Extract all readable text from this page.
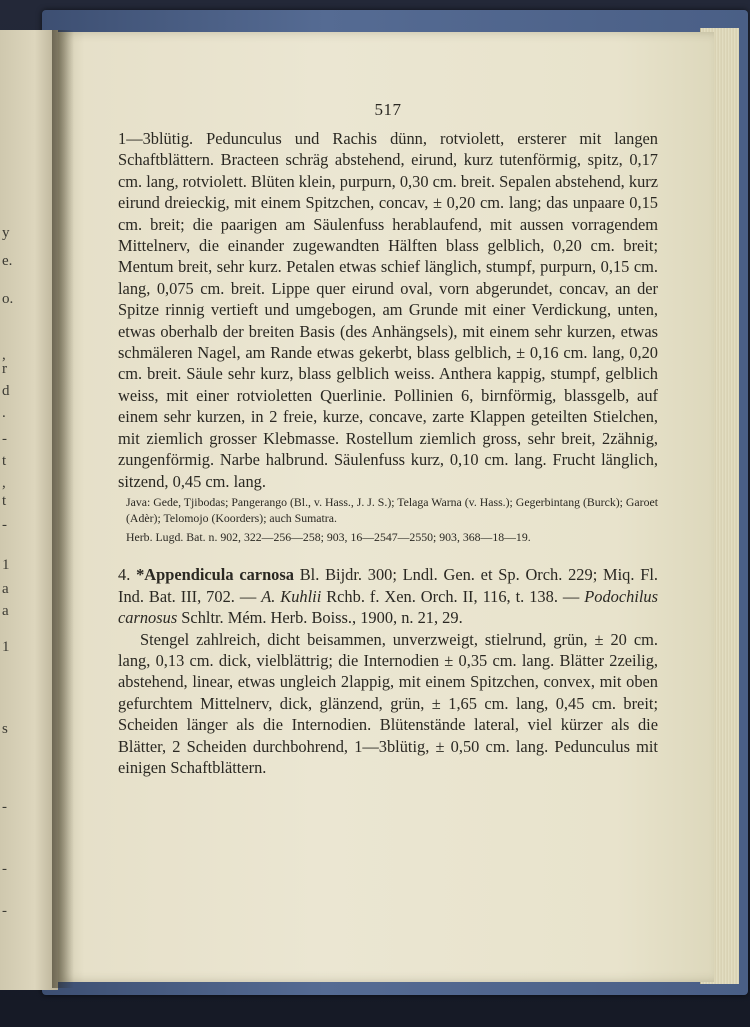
y
e.
o.
,
r
d
.
-
t
,
t
-
1
a
a
1
s
-
-
-
517

1—3blütig. Pedunculus und Rachis dünn, rotviolett, ersterer mit langen Schaftblättern. Bracteen schräg abstehend, eirund, kurz tutenförmig, spitz, 0,17 cm. lang, rotviolett. Blüten klein, purpurn, 0,30 cm. breit. Sepalen abstehend, kurz eirund dreieckig, mit einem Spitzchen, concav, ± 0,20 cm. lang; das unpaare 0,15 cm. breit; die paarigen am Säulenfuss herablaufend, mit aussen vorragendem Mittelnerv, die einander zugewandten Hälften blass gelblich, 0,20 cm. breit; Mentum breit, sehr kurz. Petalen etwas schief länglich, stumpf, purpurn, 0,15 cm. lang, 0,075 cm. breit. Lippe quer eirund oval, vorn abgerundet, concav, an der Spitze rinnig vertieft und umgebogen, am Grunde mit einer Verdickung, unten, etwas oberhalb der breiten Basis (des Anhängsels), mit einem sehr kurzen, etwas schmäleren Nagel, am Rande etwas gekerbt, blass gelblich, ± 0,16 cm. lang, 0,20 cm. breit. Säule sehr kurz, blass gelblich weiss. Anthera kappig, stumpf, gelblich weiss, mit einer rotvioletten Querlinie. Pollinien 6, birnförmig, blassgelb, auf einem sehr kurzen, in 2 freie, kurze, concave, zarte Klappen geteilten Stielchen, mit ziemlich grosser Klebmasse. Rostellum ziemlich gross, sehr breit, 2zähnig, zungenförmig. Narbe halbrund. Säulenfuss kurz, 0,10 cm. lang. Frucht länglich, sitzend, 0,45 cm. lang.

Java: Gede, Tjibodas; Pangerango (Bl., v. Hass., J. J. S.); Telaga Warna (v. Hass.); Gegerbintang (Burck); Garoet (Adèr); Telomojo (Koorders); auch Sumatra.

Herb. Lugd. Bat. n. 902, 322—256—258; 903, 16—2547—2550; 903, 368—18—19.

4. *Appendicula carnosa Bl. Bijdr. 300; Lndl. Gen. et Sp. Orch. 229; Miq. Fl. Ind. Bat. III, 702. — A. Kuhlii Rchb. f. Xen. Orch. II, 116, t. 138. — Podochilus carnosus Schltr. Mém. Herb. Boiss., 1900, n. 21, 29.

Stengel zahlreich, dicht beisammen, unverzweigt, stielrund, grün, ± 20 cm. lang, 0,13 cm. dick, vielblättrig; die Internodien ± 0,35 cm. lang. Blätter 2zeilig, abstehend, linear, etwas ungleich 2lappig, mit einem Spitzchen, convex, mit oben gefurchtem Mittelnerv, dick, glänzend, grün, ± 1,65 cm. lang, 0,45 cm. breit; Scheiden länger als die Internodien. Blütenstände lateral, viel kürzer als die Blätter, 2 Scheiden durchbohrend, 1—3blütig, ± 0,50 cm. lang. Pedunculus mit einigen Schaftblättern.
